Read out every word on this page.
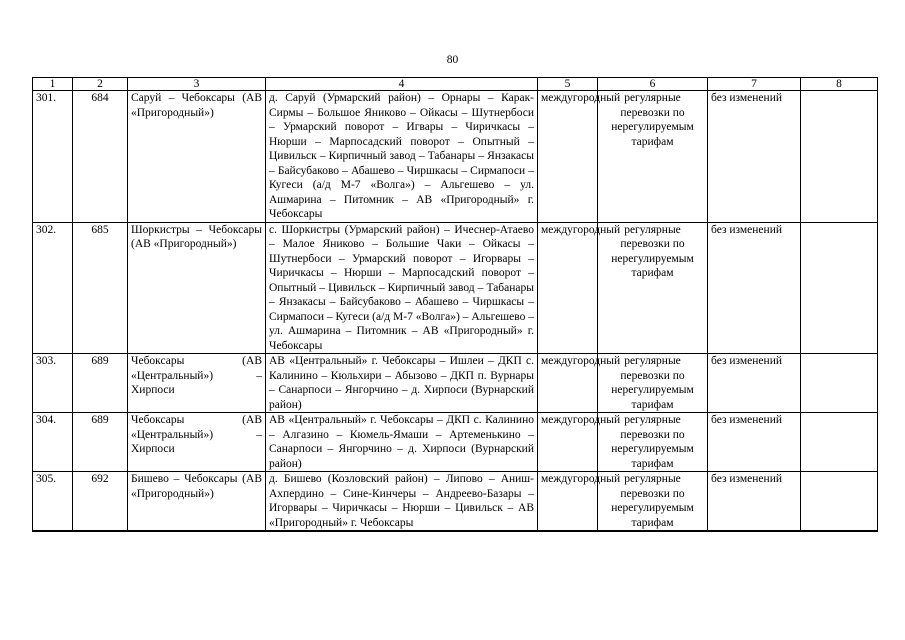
80
1	2	3	4	5	6	7	8
301.	684	Саруй – Чебоксары (АВ «Пригородный»)	д. Саруй (Урмарский район) – Орнары – Карак-Сирмы – Большое Яниково – Ойкасы – Шутнербоси – Урмарский поворот – Игвары – Чиричкасы – Нюрши – Марпосадский поворот – Опытный – Цивильск – Кирпичный завод – Табанары – Янзакасы – Байсубаково – Абашево – Чиршкасы – Сирмапоси – Кугеси (а/д М-7 «Волга») – Альгешево – ул. Ашмарина – Питомник – АВ «Пригородный» г. Чебоксары	междугородный	регулярные перевозки по нерегулируемым тарифам	без изменений	
302.	685	Шоркистры – Чебоксары (АВ «Пригородный»)	с. Шоркистры (Урмарский район) – Ичеснер-Атаево – Малое Яниково – Большие Чаки – Ойкасы – Шутнербоси – Урмарский поворот – Игорвары – Чиричкасы – Нюрши – Марпосадский поворот – Опытный – Цивильск – Кирпичный завод – Табанары – Янзакасы – Байсубаково – Абашево – Чиршкасы – Сирмапоси – Кугеси (а/д М-7 «Волга») – Альгешево – ул. Ашмарина – Питомник – АВ «Пригородный» г. Чебоксары	междугородный	регулярные перевозки по нерегулируемым тарифам	без изменений	
303.	689	Чебоксары (АВ «Центральный») – Хирпоси	АВ «Центральный» г. Чебоксары – Ишлеи – ДКП с. Калинино – Кюльхири – Абызово – ДКП п. Вурнары – Санарпоси – Янгорчино – д. Хирпоси (Вурнарский район)	междугородный	регулярные перевозки по нерегулируемым тарифам	без изменений	
304.	689	Чебоксары (АВ «Центральный») – Хирпоси	АВ «Центральный» г. Чебоксары – ДКП с. Калинино – Алгазино – Кюмель-Ямаши – Артеменькино – Санарпоси – Янгорчино – д. Хирпоси (Вурнарский район)	междугородный	регулярные перевозки по нерегулируемым тарифам	без изменений	
305.	692	Бишево – Чебоксары (АВ «Пригородный»)	д. Бишево (Козловский район) – Липово – Аниш-Ахпердино – Сине-Кинчеры – Андреево-Базары – Игорвары – Чиричкасы – Нюрши – Цивильск – АВ «Пригородный» г. Чебоксары	междугородный	регулярные перевозки по нерегулируемым тарифам	без изменений	
